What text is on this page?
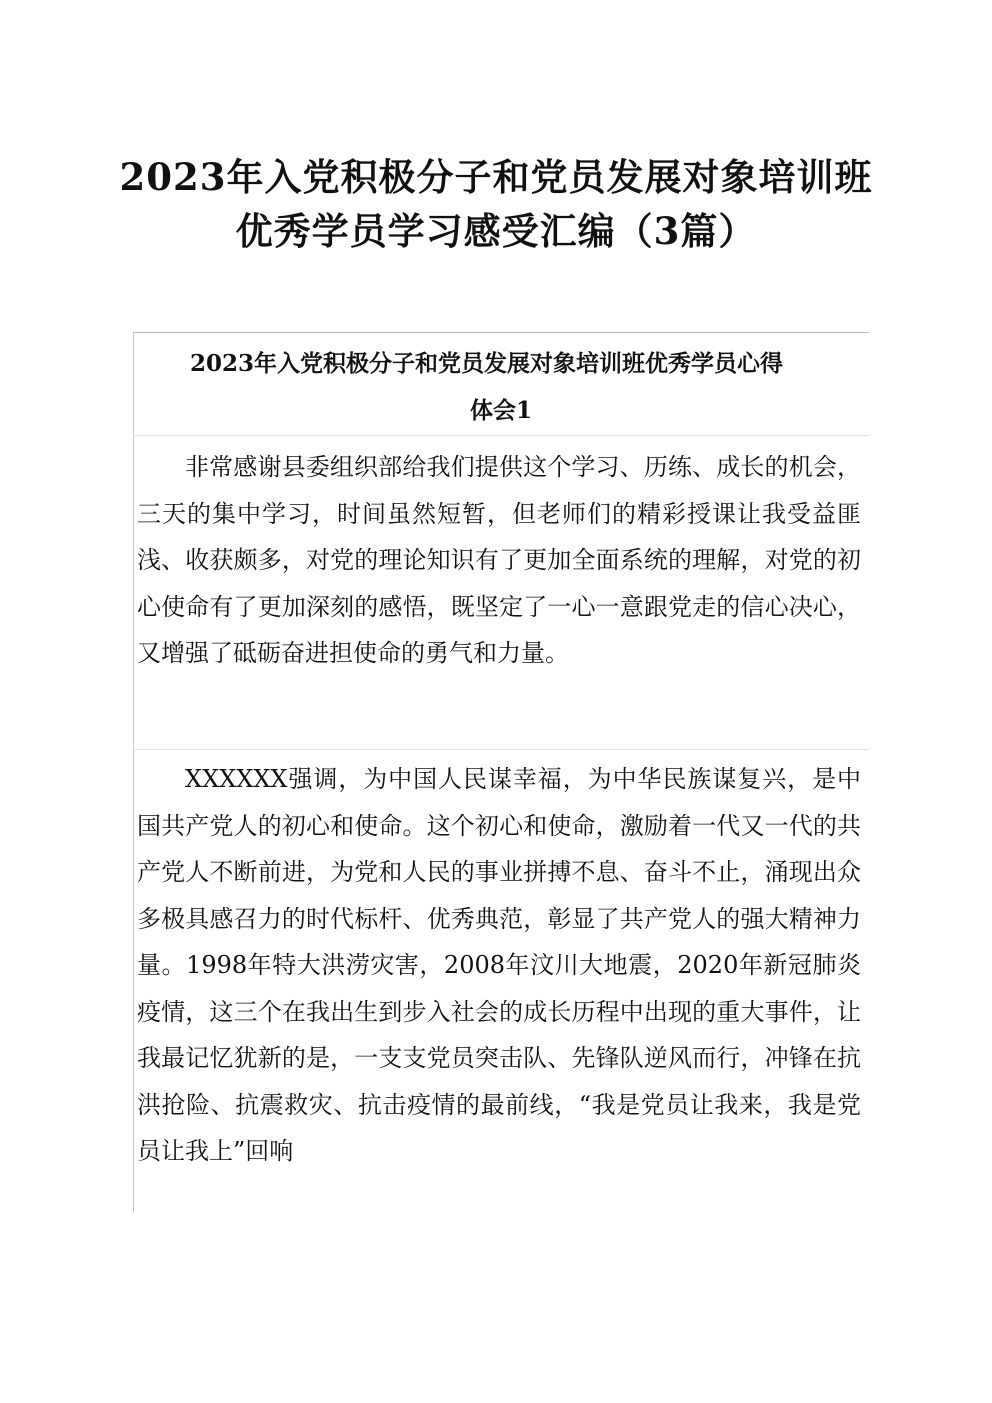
2023年入党积极分子和党员发展对象培训班
优秀学员学习感受汇编（3篇）
2023年入党积极分子和党员发展对象培训班优秀学员心得
体会1

非常感谢县委组织部给我们提供这个学习、历练、成长的机会，三天的集中学习，时间虽然短暂，但老师们的精彩授课让我受益匪浅、收获颇多，对党的理论知识有了更加全面系统的理解，对党的初心使命有了更加深刻的感悟，既坚定了一心一意跟党走的信心决心，又增强了砥砺奋进担使命的勇气和力量。

XXXXXX强调，为中国人民谋幸福，为中华民族谋复兴，是中国共产党人的初心和使命。这个初心和使命，激励着一代又一代的共产党人不断前进，为党和人民的事业拼搏不息、奋斗不止，涌现出众多极具感召力的时代标杆、优秀典范，彰显了共产党人的强大精神力量。1998年特大洪涝灾害，2008年汶川大地震，2020年新冠肺炎疫情，这三个在我出生到步入社会的成长历程中出现的重大事件，让我最记忆犹新的是，一支支党员突击队、先锋队逆风而行，冲锋在抗洪抢险、抗震救灾、抗击疫情的最前线，“我是党员让我来，我是党员让我上”回响
